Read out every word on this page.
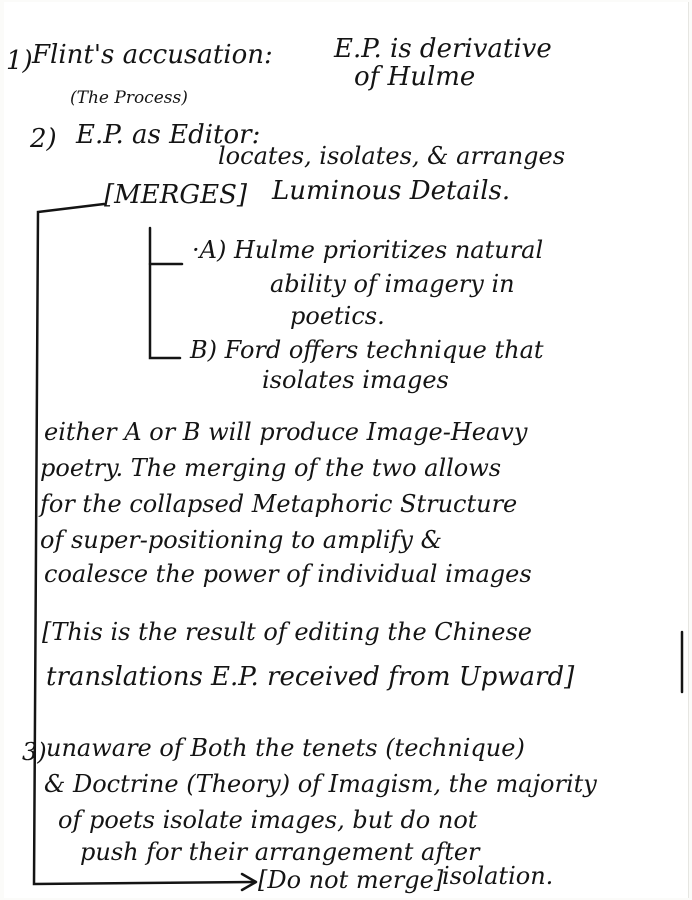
1) Flint's accusation: E.P. is derivative
of Hulme
(The Process)
2) E.P. as Editor:
locates, isolates, & arranges
[MERGES] Luminous Details.
·A) Hulme prioritizes natural
ability of imagery in
poetics.
B) Ford offers technique that
isolates images
either A or B will produce Image-Heavy
poetry. The merging of the two allows
for the collapsed Metaphoric Structure
of super-positioning to amplify &
coalesce the power of individual images
[This is the result of editing the Chinese
translations E.P. received from Upward]
3) unaware of Both the tenets (technique)
& Doctrine (Theory) of Imagism, the majority
of poets isolate images, but do not
push for their arrangement after
[Do not merge]
isolation.
